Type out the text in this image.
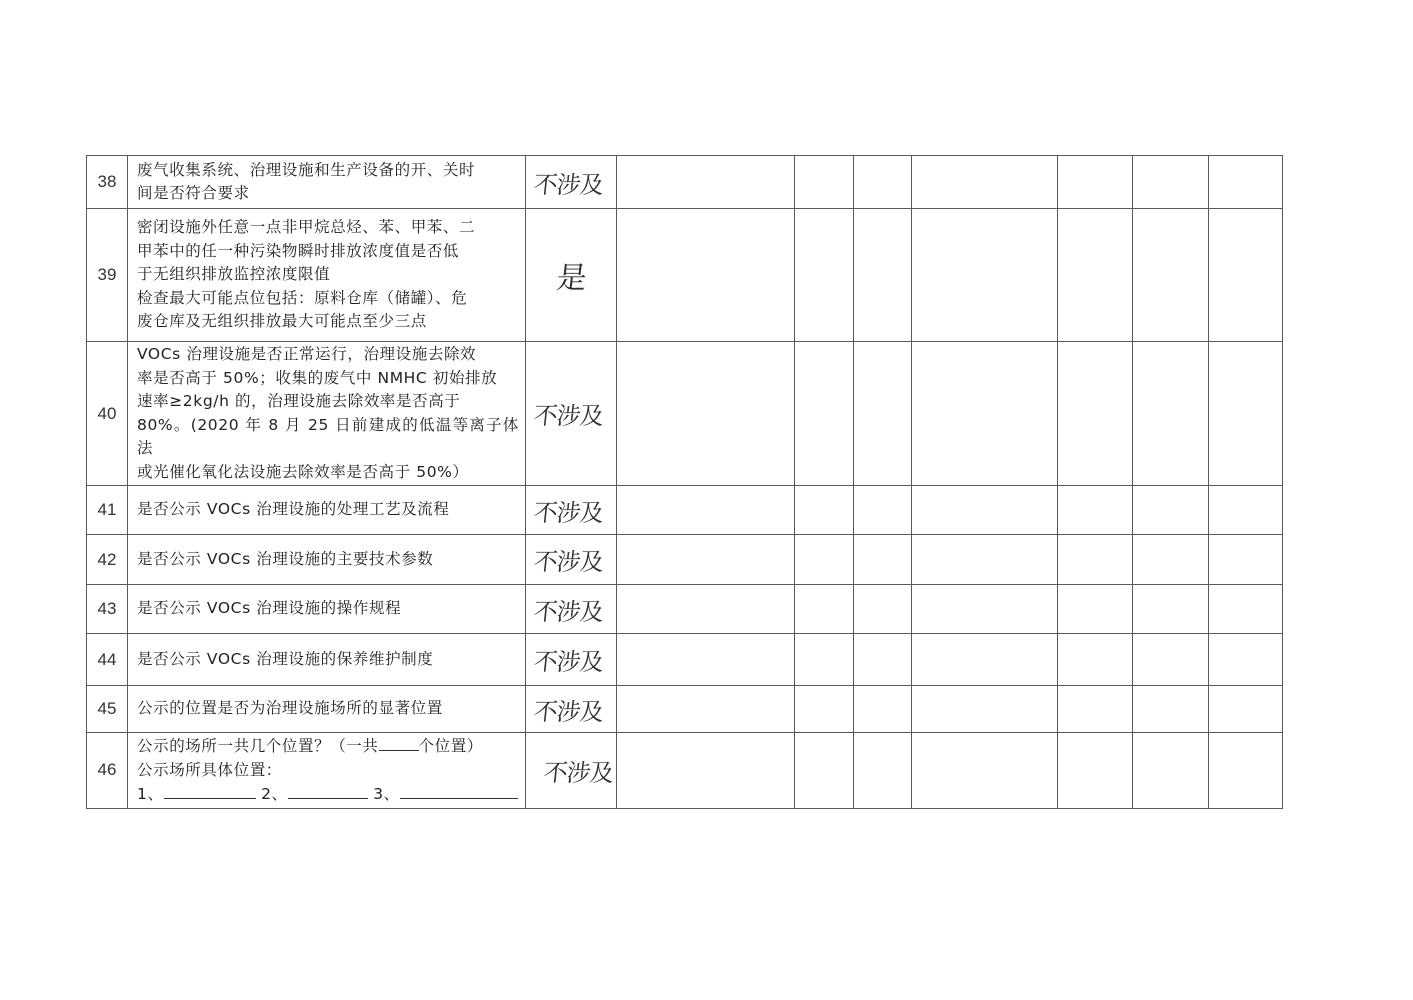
38	废气收集系统、治理设施和生产设备的开、关时
间是否符合要求	不涉及							
39	密闭设施外任意一点非甲烷总烃、苯、甲苯、二
甲苯中的任一种污染物瞬时排放浓度值是否低
于无组织排放监控浓度限值
检查最大可能点位包括：原料仓库（储罐）、危
废仓库及无组织排放最大可能点至少三点	是							
40	VOCs 治理设施是否正常运行，治理设施去除效
率是否高于 50%；收集的废气中 NMHC 初始排放
速率≥2kg/h 的，治理设施去除效率是否高于
80%。(2020 年 8 月 25 日前建成的低温等离子体法
或光催化氧化法设施去除效率是否高于 50%）	不涉及							
41	是否公示 VOCs 治理设施的处理工艺及流程	不涉及							
42	是否公示 VOCs 治理设施的主要技术参数	不涉及							
43	是否公示 VOCs 治理设施的操作规程	不涉及							
44	是否公示 VOCs 治理设施的保养维护制度	不涉及							
45	公示的位置是否为治理设施场所的显著位置	不涉及							
46	公示的场所一共几个位置？（一共 个位置）
公示场所具体位置：
1、 2、 3、	不涉及							
